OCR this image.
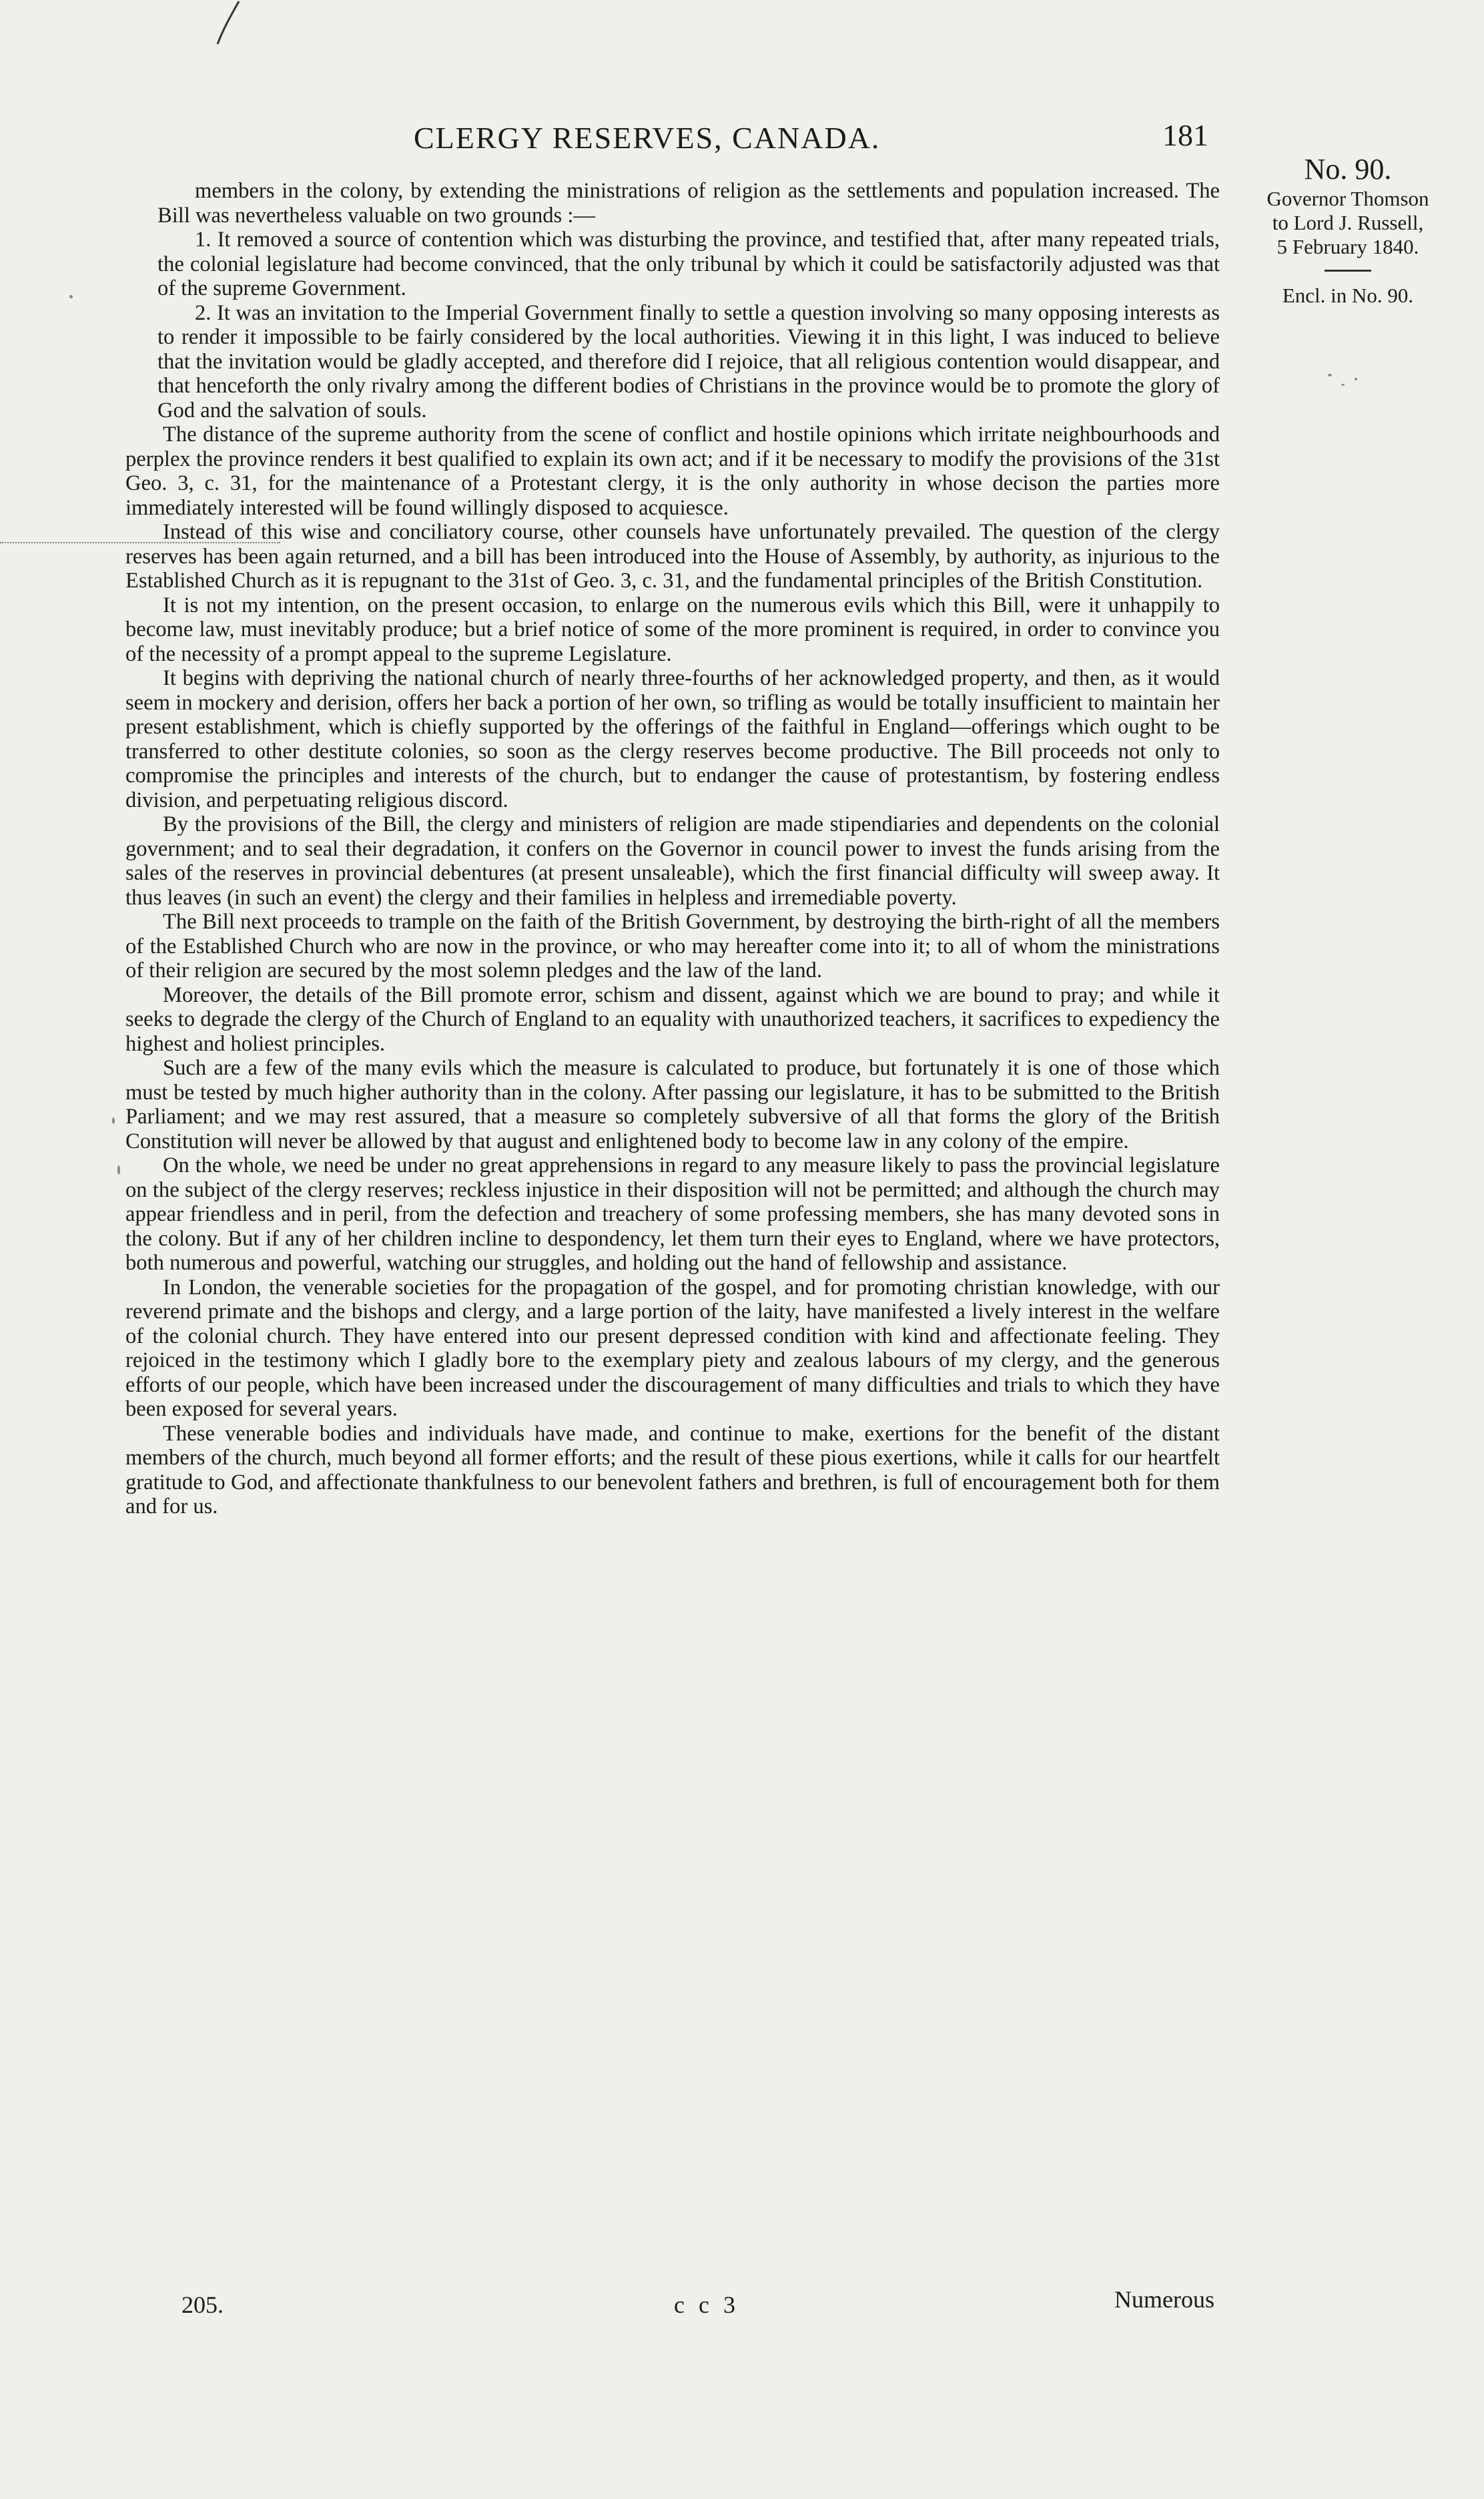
CLERGY RESERVES, CANADA.	181
No. 90.
Governor Thomson
to Lord J. Russell,
5 February 1840.
Encl. in No. 90.

members in the colony, by extending the ministrations of religion as the settlements and population increased. The Bill was nevertheless valuable on two grounds :—

1. It removed a source of contention which was disturbing the province, and testified that, after many repeated trials, the colonial legislature had become convinced, that the only tribunal by which it could be satisfactorily adjusted was that of the supreme Government.

2. It was an invitation to the Imperial Government finally to settle a question involving so many opposing interests as to render it impossible to be fairly considered by the local authorities. Viewing it in this light, I was induced to believe that the invitation would be gladly accepted, and therefore did I rejoice, that all religious contention would disappear, and that henceforth the only rivalry among the different bodies of Christians in the province would be to promote the glory of God and the salvation of souls.

The distance of the supreme authority from the scene of conflict and hostile opinions which irritate neighbourhoods and perplex the province renders it best qualified to explain its own act; and if it be necessary to modify the provisions of the 31st Geo. 3, c. 31, for the maintenance of a Protestant clergy, it is the only authority in whose decison the parties more immediately interested will be found willingly disposed to acquiesce.

Instead of this wise and conciliatory course, other counsels have unfortunately prevailed. The question of the clergy reserves has been again returned, and a bill has been introduced into the House of Assembly, by authority, as injurious to the Established Church as it is repugnant to the 31st of Geo. 3, c. 31, and the fundamental principles of the British Constitution.

It is not my intention, on the present occasion, to enlarge on the numerous evils which this Bill, were it unhappily to become law, must inevitably produce; but a brief notice of some of the more prominent is required, in order to convince you of the necessity of a prompt appeal to the supreme Legislature.

It begins with depriving the national church of nearly three-fourths of her acknowledged property, and then, as it would seem in mockery and derision, offers her back a portion of her own, so trifling as would be totally insufficient to maintain her present establishment, which is chiefly supported by the offerings of the faithful in England—offerings which ought to be transferred to other destitute colonies, so soon as the clergy reserves become productive. The Bill proceeds not only to compromise the principles and interests of the church, but to endanger the cause of protestantism, by fostering endless division, and perpetuating religious discord.

By the provisions of the Bill, the clergy and ministers of religion are made stipendiaries and dependents on the colonial government; and to seal their degradation, it confers on the Governor in council power to invest the funds arising from the sales of the reserves in provincial debentures (at present unsaleable), which the first financial difficulty will sweep away. It thus leaves (in such an event) the clergy and their families in helpless and irremediable poverty.

The Bill next proceeds to trample on the faith of the British Government, by destroying the birth-right of all the members of the Established Church who are now in the province, or who may hereafter come into it; to all of whom the ministrations of their religion are secured by the most solemn pledges and the law of the land.

Moreover, the details of the Bill promote error, schism and dissent, against which we are bound to pray; and while it seeks to degrade the clergy of the Church of England to an equality with unauthorized teachers, it sacrifices to expediency the highest and holiest principles.

Such are a few of the many evils which the measure is calculated to produce, but fortunately it is one of those which must be tested by much higher authority than in the colony. After passing our legislature, it has to be submitted to the British Parliament; and we may rest assured, that a measure so completely subversive of all that forms the glory of the British Constitution will never be allowed by that august and enlightened body to become law in any colony of the empire.

On the whole, we need be under no great apprehensions in regard to any measure likely to pass the provincial legislature on the subject of the clergy reserves; reckless injustice in their disposition will not be permitted; and although the church may appear friendless and in peril, from the defection and treachery of some professing members, she has many devoted sons in the colony. But if any of her children incline to despondency, let them turn their eyes to England, where we have protectors, both numerous and powerful, watching our struggles, and holding out the hand of fellowship and assistance.

In London, the venerable societies for the propagation of the gospel, and for promoting christian knowledge, with our reverend primate and the bishops and clergy, and a large portion of the laity, have manifested a lively interest in the welfare of the colonial church. They have entered into our present depressed condition with kind and affectionate feeling. They rejoiced in the testimony which I gladly bore to the exemplary piety and zealous labours of my clergy, and the generous efforts of our people, which have been increased under the discouragement of many difficulties and trials to which they have been exposed for several years.

These venerable bodies and individuals have made, and continue to make, exertions for the benefit of the distant members of the church, much beyond all former efforts; and the result of these pious exertions, while it calls for our heartfelt gratitude to God, and affectionate thankfulness to our benevolent fathers and brethren, is full of encouragement both for them and for us.

205.	c c 3	Numerous
